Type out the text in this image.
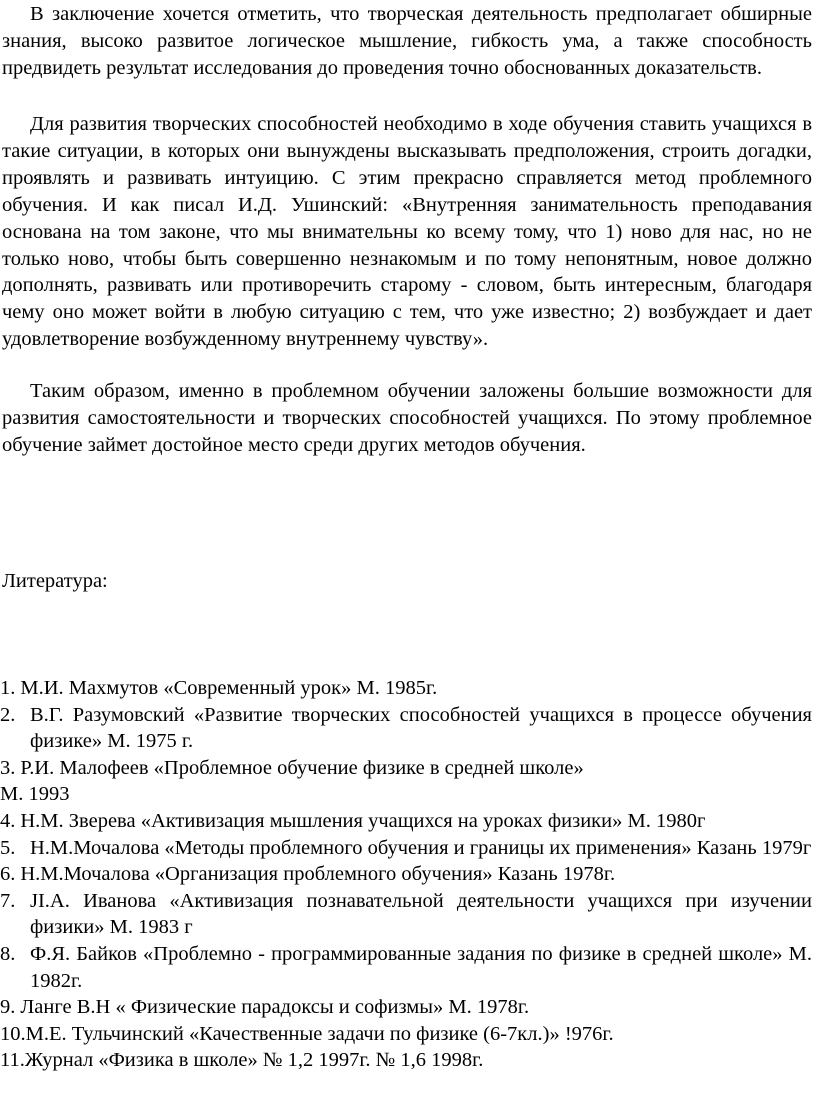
В заключение хочется отметить, что творческая деятельность предполагает обширные знания, высоко развитое логическое мышление, гибкость ума, а также способность предвидеть результат исследования до проведения точно обоснованных доказательств.

Для развития творческих способностей необходимо в ходе обучения ставить учащихся в такие ситуации, в которых они вынуждены высказывать предположения, строить догадки, проявлять и развивать интуицию. С этим прекрасно справляется метод проблемного обучения. И как писал И.Д. Ушинский: «Внутренняя занимательность преподавания основана на том законе, что мы внимательны ко всему тому, что 1) ново для нас, но не только ново, чтобы быть совершенно незнакомым и по тому непонятным, новое должно дополнять, развивать или противоречить старому - словом, быть интересным, благодаря чему оно может войти в любую ситуацию с тем, что уже известно; 2) возбуждает и дает удовлетворение возбужденному внутреннему чувству».

Таким образом, именно в проблемном обучении заложены большие возможности для развития самостоятельности и творческих способностей учащихся. По этому проблемное обучение займет достойное место среди других методов обучения.

Литература:
1. М.И. Махмутов «Современный урок» М. 1985г.
2. В.Г. Разумовский «Развитие творческих способностей учащихся в процессе обучения физике» М. 1975 г.
3. Р.И. Малофеев «Проблемное обучение физике в средней школе»
М. 1993
4. Н.М. Зверева «Активизация мышления учащихся на уроках физики» М. 1980г
5. Н.М.Мочалова «Методы проблемного обучения и границы их применения» Казань 1979г
6. Н.М.Мочалова «Организация проблемного обучения» Казань 1978г.
7. JI.А. Иванова «Активизация познавательной деятельности учащихся при изучении физики» М. 1983 г
8. Ф.Я. Байков «Проблемно - программированные задания по физике в средней школе» М. 1982г.
9. Ланге В.Н « Физические парадоксы и софизмы» М. 1978г.
10.М.Е. Тульчинский «Качественные задачи по физике (6-7кл.)» !976г.
11.Журнал «Физика в школе» № 1,2 1997г. № 1,6 1998г.
